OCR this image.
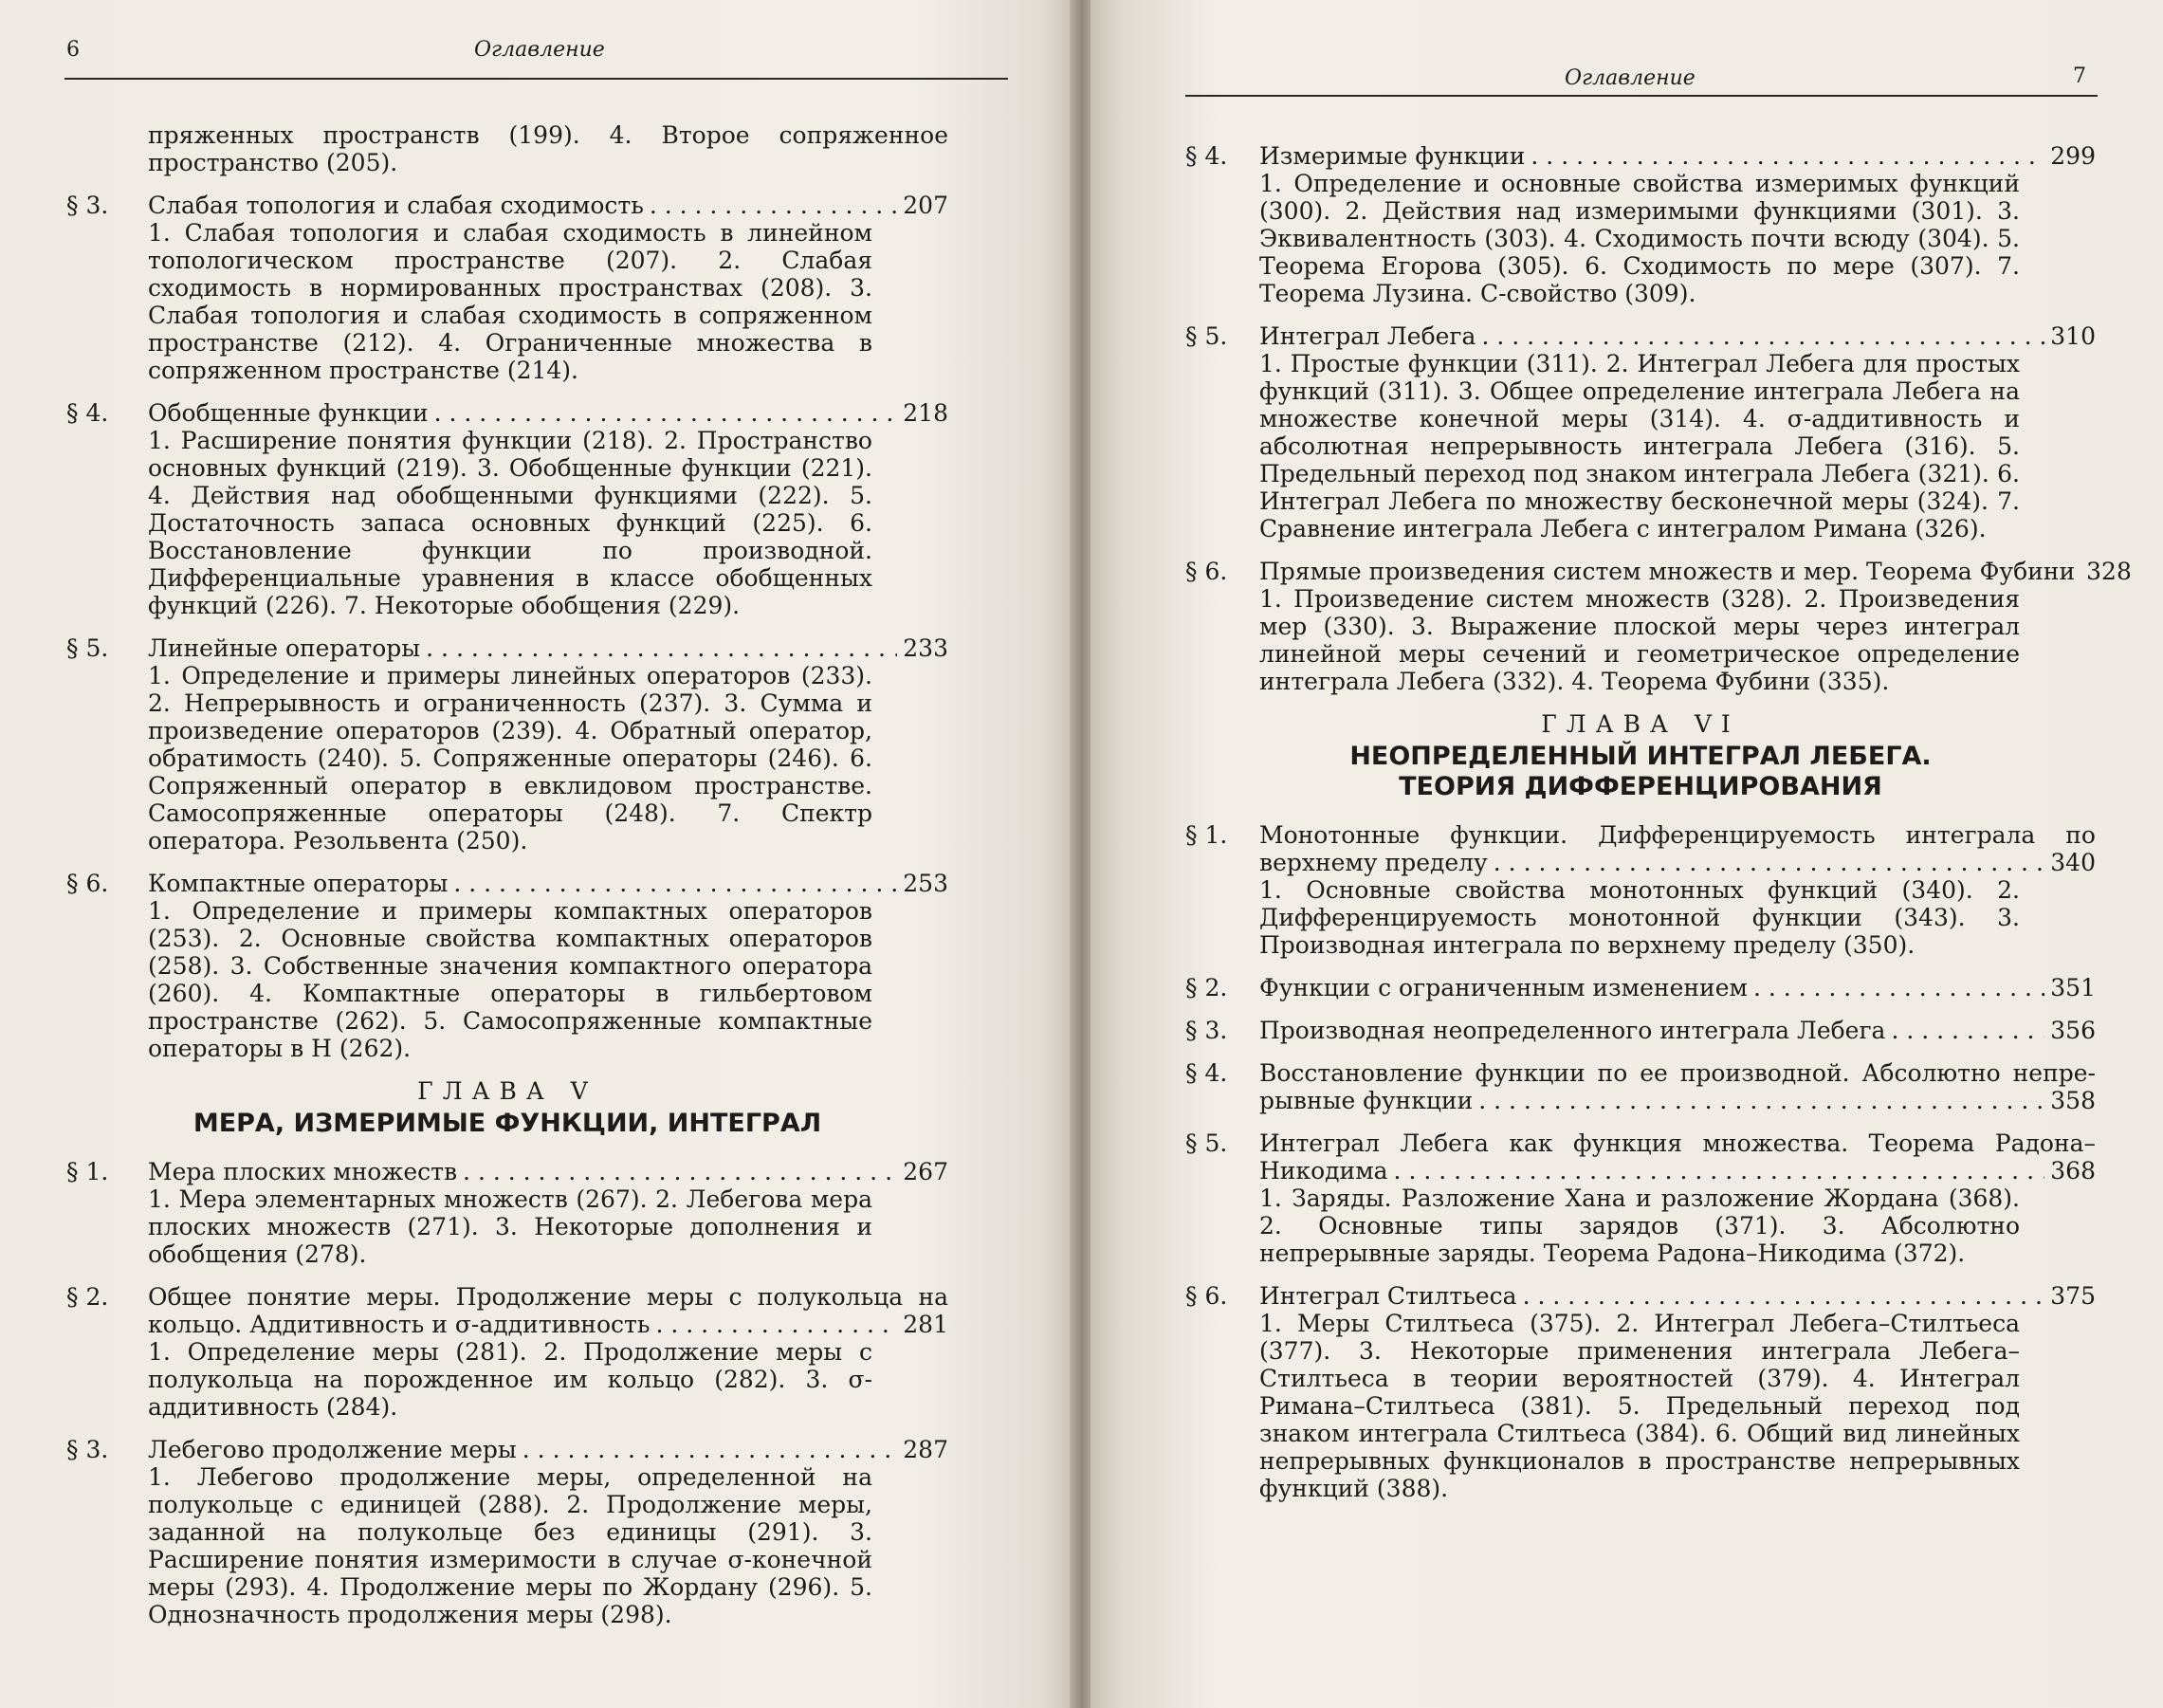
6	Оглавление
пряженных пространств (199). 4. Второе сопряженное пространство (205).
§ 3.	Слабая топология и слабая сходимость . . .	207
1. Слабая топология и слабая сходимость в линейном топологическом пространстве (207). 2. Слабая сходимость в нормированных пространствах (208). 3. Слабая топология и слабая сходимость в сопряженном пространстве (212). 4. Ограниченные множества в сопряженном пространстве (214).
§ 4.	Обобщенные функции . . .	218
1. Расширение понятия функции (218). 2. Пространство основных функций (219). 3. Обобщенные функции (221). 4. Действия над обобщенными функциями (222). 5. Достаточность запаса основных функций (225). 6. Восстановление функции по производной. Дифференциальные уравнения в классе обобщенных функций (226). 7. Некоторые обобщения (229).
§ 5.	Линейные операторы . . .	233
1. Определение и примеры линейных операторов (233). 2. Непрерывность и ограниченность (237). 3. Сумма и произведение операторов (239). 4. Обратный оператор, обратимость (240). 5. Сопряженные операторы (246). 6. Сопряженный оператор в евклидовом пространстве. Самосопряженные операторы (248). 7. Спектр оператора. Резольвента (250).
§ 6.	Компактные операторы . . .	253
1. Определение и примеры компактных операторов (253). 2. Основные свойства компактных операторов (258). 3. Собственные значения компактного оператора (260). 4. Компактные операторы в гильбертовом пространстве (262). 5. Самосопряженные компактные операторы в H (262).
ГЛАВА V
МЕРА, ИЗМЕРИМЫЕ ФУНКЦИИ, ИНТЕГРАЛ
§ 1.	Мера плоских множеств . . .	267
1. Мера элементарных множеств (267). 2. Лебегова мера плоских множеств (271). 3. Некоторые дополнения и обобщения (278).
§ 2.	Общее понятие меры. Продолжение меры с полукольца на
кольцо. Аддитивность и σ-аддитивность . . .	281
1. Определение меры (281). 2. Продолжение меры с полукольца на порожденное им кольцо (282). 3. σ-аддитивность (284).
§ 3.	Лебегово продолжение меры . . .	287
1. Лебегово продолжение меры, определенной на полукольце с единицей (288). 2. Продолжение меры, заданной на полукольце без единицы (291). 3. Расширение понятия измеримости в случае σ-конечной меры (293). 4. Продолжение меры по Жордану (296). 5. Однозначность продолжения меры (298).
Оглавление	7
§ 4.	Измеримые функции . . .	299
1. Определение и основные свойства измеримых функций (300). 2. Действия над измеримыми функциями (301). 3. Эквивалентность (303). 4. Сходимость почти всюду (304). 5. Теорема Егорова (305). 6. Сходимость по мере (307). 7. Теорема Лузина. C-свойство (309).
§ 5.	Интеграл Лебега . . .	310
1. Простые функции (311). 2. Интеграл Лебега для простых функций (311). 3. Общее определение интеграла Лебега на множестве конечной меры (314). 4. σ-аддитивность и абсолютная непрерывность интеграла Лебега (316). 5. Предельный переход под знаком интеграла Лебега (321). 6. Интеграл Лебега по множеству бесконечной меры (324). 7. Сравнение интеграла Лебега с интегралом Римана (326).
§ 6.	Прямые произведения систем множеств и мер. Теорема Фубини 328
1. Произведение систем множеств (328). 2. Произведения мер (330). 3. Выражение плоской меры через интеграл линейной меры сечений и геометрическое определение интеграла Лебега (332). 4. Теорема Фубини (335).
ГЛАВА VI
НЕОПРЕДЕЛЕННЫЙ ИНТЕГРАЛ ЛЕБЕГА.
ТЕОРИЯ ДИФФЕРЕНЦИРОВАНИЯ
§ 1.	Монотонные функции. Дифференцируемость интеграла по
верхнему пределу . . .	340
1. Основные свойства монотонных функций (340). 2. Дифференцируемость монотонной функции (343). 3. Производная интеграла по верхнему пределу (350).
§ 2.	Функции с ограниченным изменением . . .	351
§ 3.	Производная неопределенного интеграла Лебега . . .	356
§ 4.	Восстановление функции по ее производной. Абсолютно непре-
рывные функции . . .	358
§ 5.	Интеграл Лебега как функция множества. Теорема Радона–
Никодима . . .	368
1. Заряды. Разложение Хана и разложение Жордана (368). 2. Основные типы зарядов (371). 3. Абсолютно непрерывные заряды. Теорема Радона–Никодима (372).
§ 6.	Интеграл Стилтьеса . . .	375
1. Меры Стилтьеса (375). 2. Интеграл Лебега–Стилтьеса (377). 3. Некоторые применения интеграла Лебега–Стилтьеса в теории вероятностей (379). 4. Интеграл Римана–Стилтьеса (381). 5. Предельный переход под знаком интеграла Стилтьеса (384). 6. Общий вид линейных непрерывных функционалов в пространстве непрерывных функций (388).
